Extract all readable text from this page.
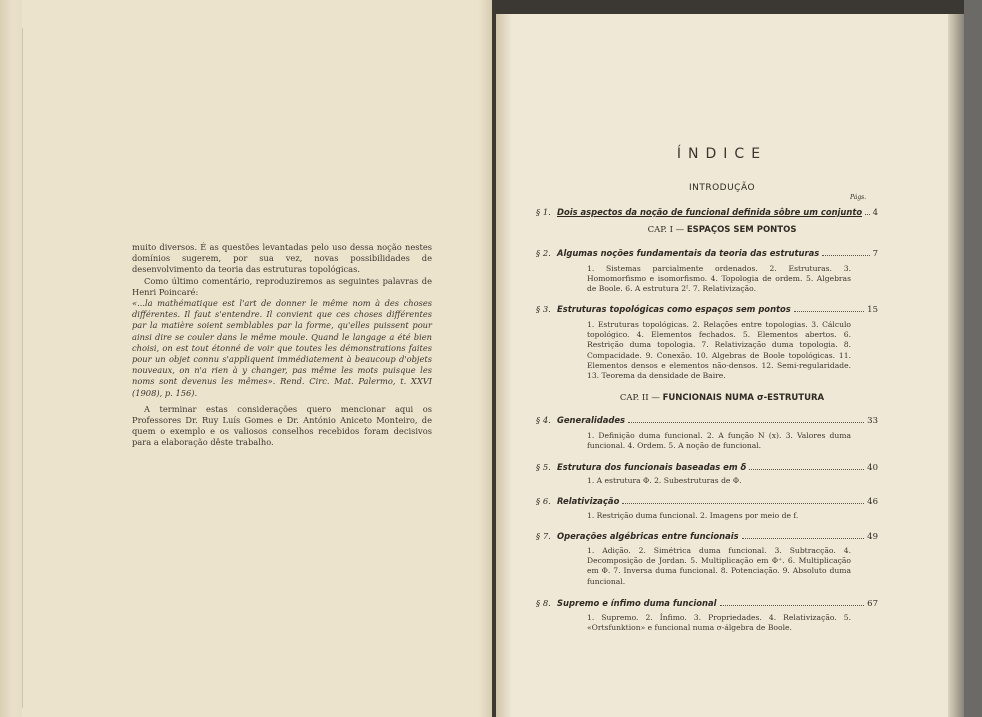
muito diversos. É as questões levantadas pelo uso dessa noção nestes domínios sugerem, por sua vez, novas possibilidades de desenvolvimento da teoria das estruturas topológicas.

Como último comentário, reproduziremos as seguintes palavras de Henri Poincaré:

«...la mathématique est l'art de donner le même nom à des choses différentes. Il faut s'entendre. Il convient que ces choses différentes par la matière soient semblables par la forme, qu'elles puissent pour ainsi dire se couler dans le même moule. Quand le langage a été bien choisi, on est tout étonné de voir que toutes les démonstrations faites pour un objet connu s'appliquent immédiatement à beaucoup d'objets nouveaux, on n'a rien à y changer, pas même les mots puisque les noms sont devenus les mêmes». Rend. Circ. Mat. Palermo, t. XXVI (1908), p. 156).

A terminar estas considerações quero mencionar aqui os Professores Dr. Ruy Luís Gomes e Dr. António Aniceto Monteiro, de quem o exemplo e os valiosos conselhos recebidos foram decisivos para a elaboração dêste trabalho.

ÍNDICE
INTRODUÇÃO
Págs.
§ 1. Dois aspectos da noção de funcional definida sôbre um conjunto 4
CAP. I — ESPAÇOS SEM PONTOS
§ 2. Algumas noções fundamentais da teoria das estruturas	7
1. Sistemas parcialmente ordenados. 2. Estruturas. 3. Homomorfismo e isomorfismo. 4. Topologia de ordem. 5. Algebras de Boole. 6. A estrutura 2ᴵ. 7. Relativização.
§ 3. Estruturas topológicas como espaços sem pontos	15
1. Estruturas topológicas. 2. Relações entre topologias. 3. Cálculo topológico. 4. Elementos fechados. 5. Elementos abertos. 6. Restrição duma topologia. 7. Relativização duma topologia. 8. Compacidade. 9. Conexão. 10. Algebras de Boole topológicas. 11. Elementos densos e elementos não-densos. 12. Semi-regularidade. 13. Teorema da densidade de Baire.
CAP. II — FUNCIONAIS NUMA σ-ESTRUTURA
§ 4. Generalidades	33
1. Definição duma funcional. 2. A função N (x). 3. Valores duma funcional. 4. Ordem. 5. A noção de funcional.
§ 5. Estrutura dos funcionais baseadas em δ	40
1. A estrutura Φ. 2. Subestruturas de Φ.
§ 6. Relativização	46
1. Restrição duma funcional. 2. Imagens por meio de f.
§ 7. Operações algébricas entre funcionais	49
1. Adição. 2. Simétrica duma funcional. 3. Subtracção. 4. Decomposição de Jordan. 5. Multiplicação em Φ⁺. 6. Multiplicação em Φ. 7. Inversa duma funcional. 8. Potenciação. 9. Absoluto duma funcional.
§ 8. Supremo e ínfimo duma funcional	67
1. Supremo. 2. Ínfimo. 3. Propriedades. 4. Relativização. 5. «Ortsfunktion» e funcional numa σ-álgebra de Boole.
